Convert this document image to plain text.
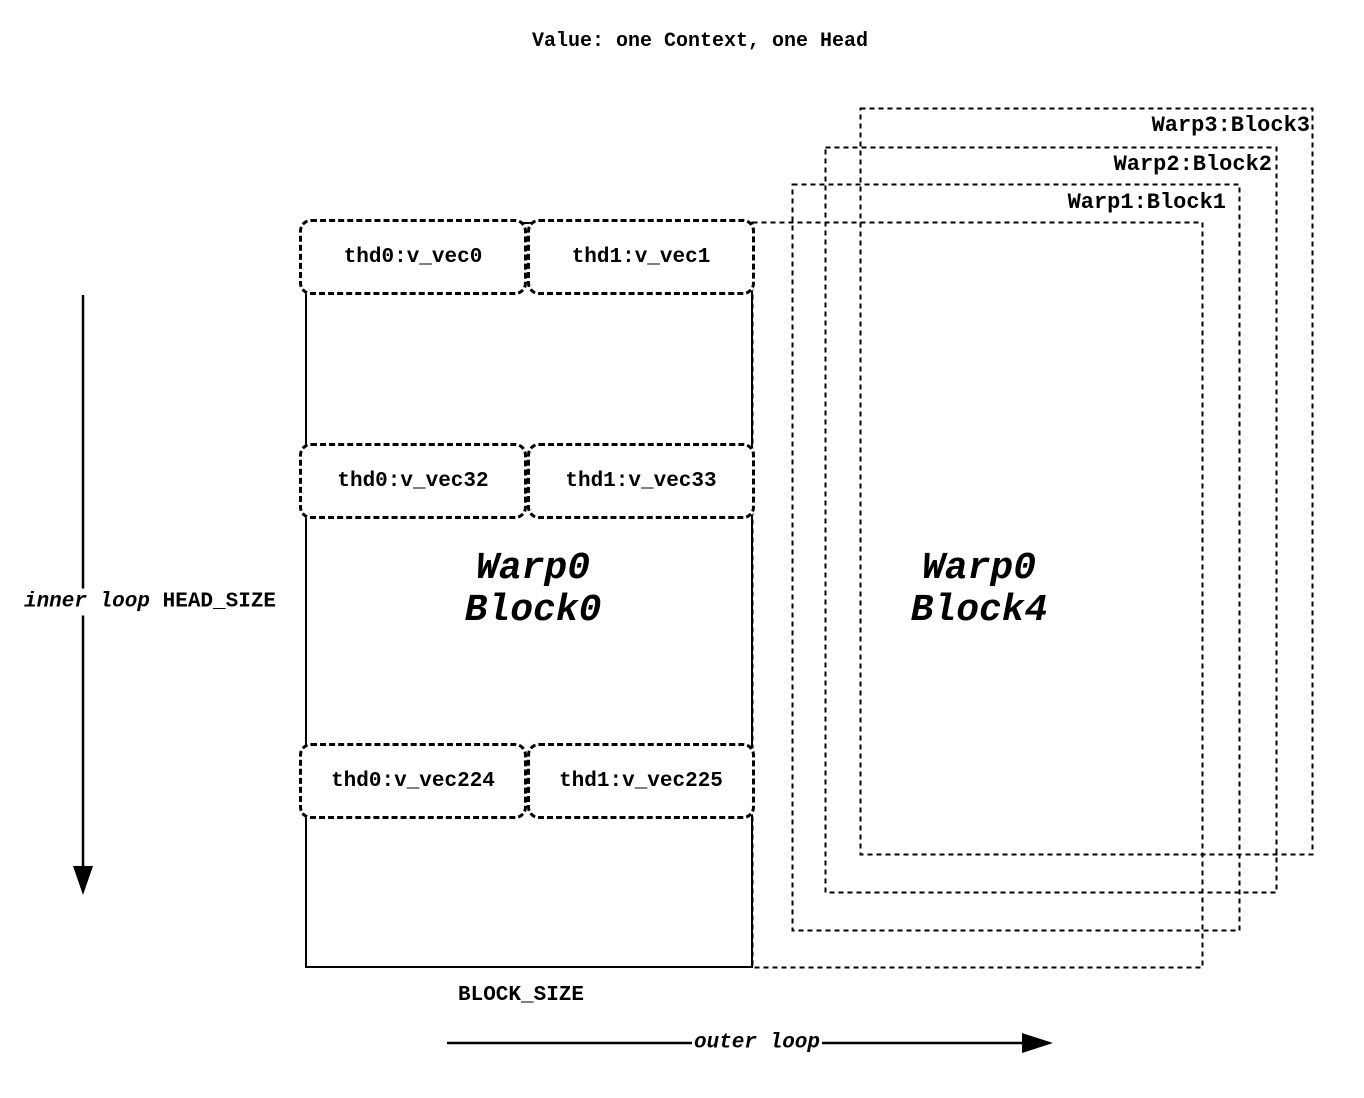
Value: one Context, one Head
Warp1:Block1
Warp2:Block2
Warp3:Block3
thd0:v_vec0	thd1:v_vec1
thd0:v_vec32	thd1:v_vec33
thd0:v_vec224	thd1:v_vec225
Warp0
Block0
Warp0
Block4
inner loop HEAD_SIZE
BLOCK_SIZE
outer loop
